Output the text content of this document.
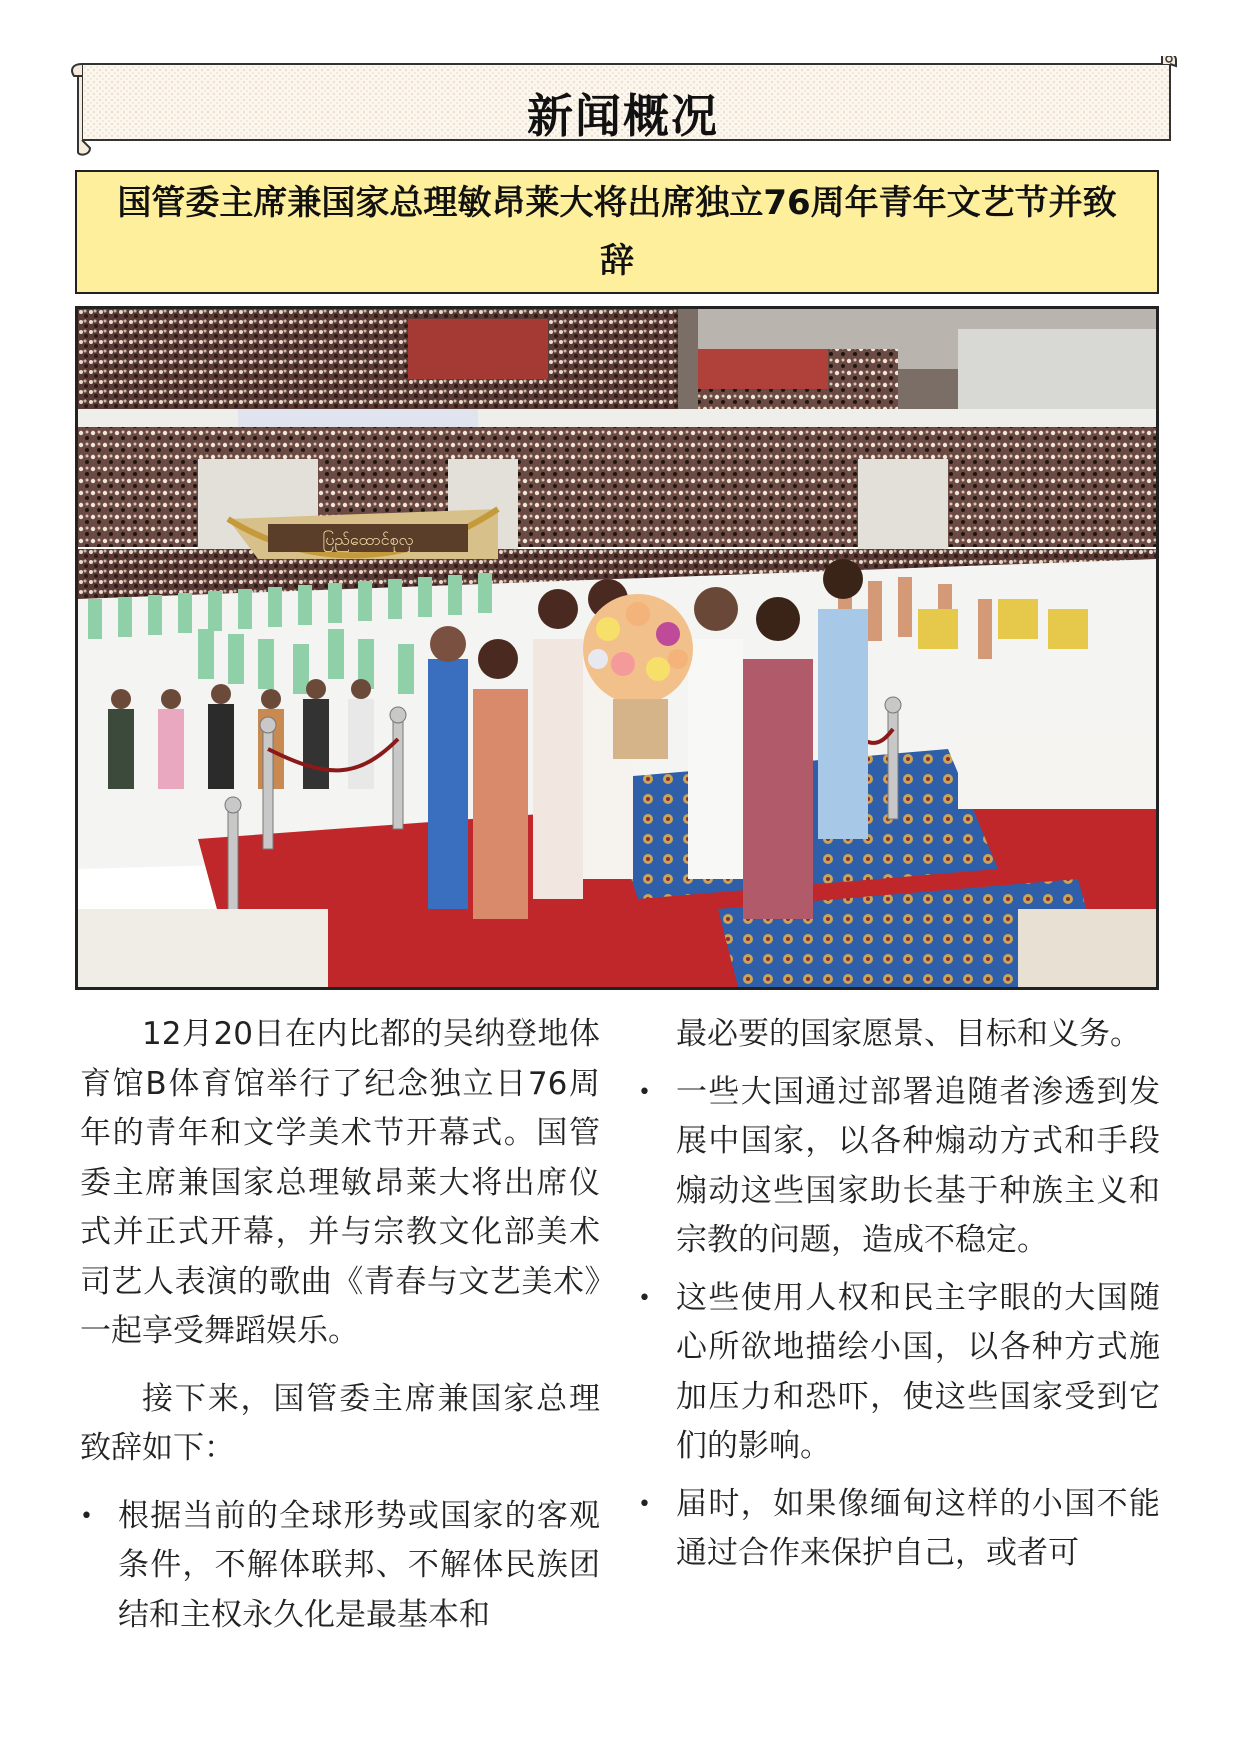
新闻概况
国管委主席兼国家总理敏昂莱大将出席独立76周年青年文艺节并致辞
ပြည်ထောင်စုလှ

12月20日在内比都的吴纳登地体育馆B体育馆举行了纪念独立日76周年的青年和文学美术节开幕式。国管委主席兼国家总理敏昂莱大将出席仪式并正式开幕，并与宗教文化部美术司艺人表演的歌曲《青春与文艺美术》一起享受舞蹈娱乐。

接下来，国管委主席兼国家总理致辞如下：

• 根据当前的全球形势或国家的客观条件，不解体联邦、不解体民族团结和主权永久化是最基本和
最必要的国家愿景、目标和义务。
• 一些大国通过部署追随者渗透到发展中国家，以各种煽动方式和手段煽动这些国家助长基于种族主义和宗教的问题，造成不稳定。
• 这些使用人权和民主字眼的大国随心所欲地描绘小国，以各种方式施加压力和恐吓，使这些国家受到它们的影响。
• 届时，如果像缅甸这样的小国不能通过合作来保护自己，或者可
